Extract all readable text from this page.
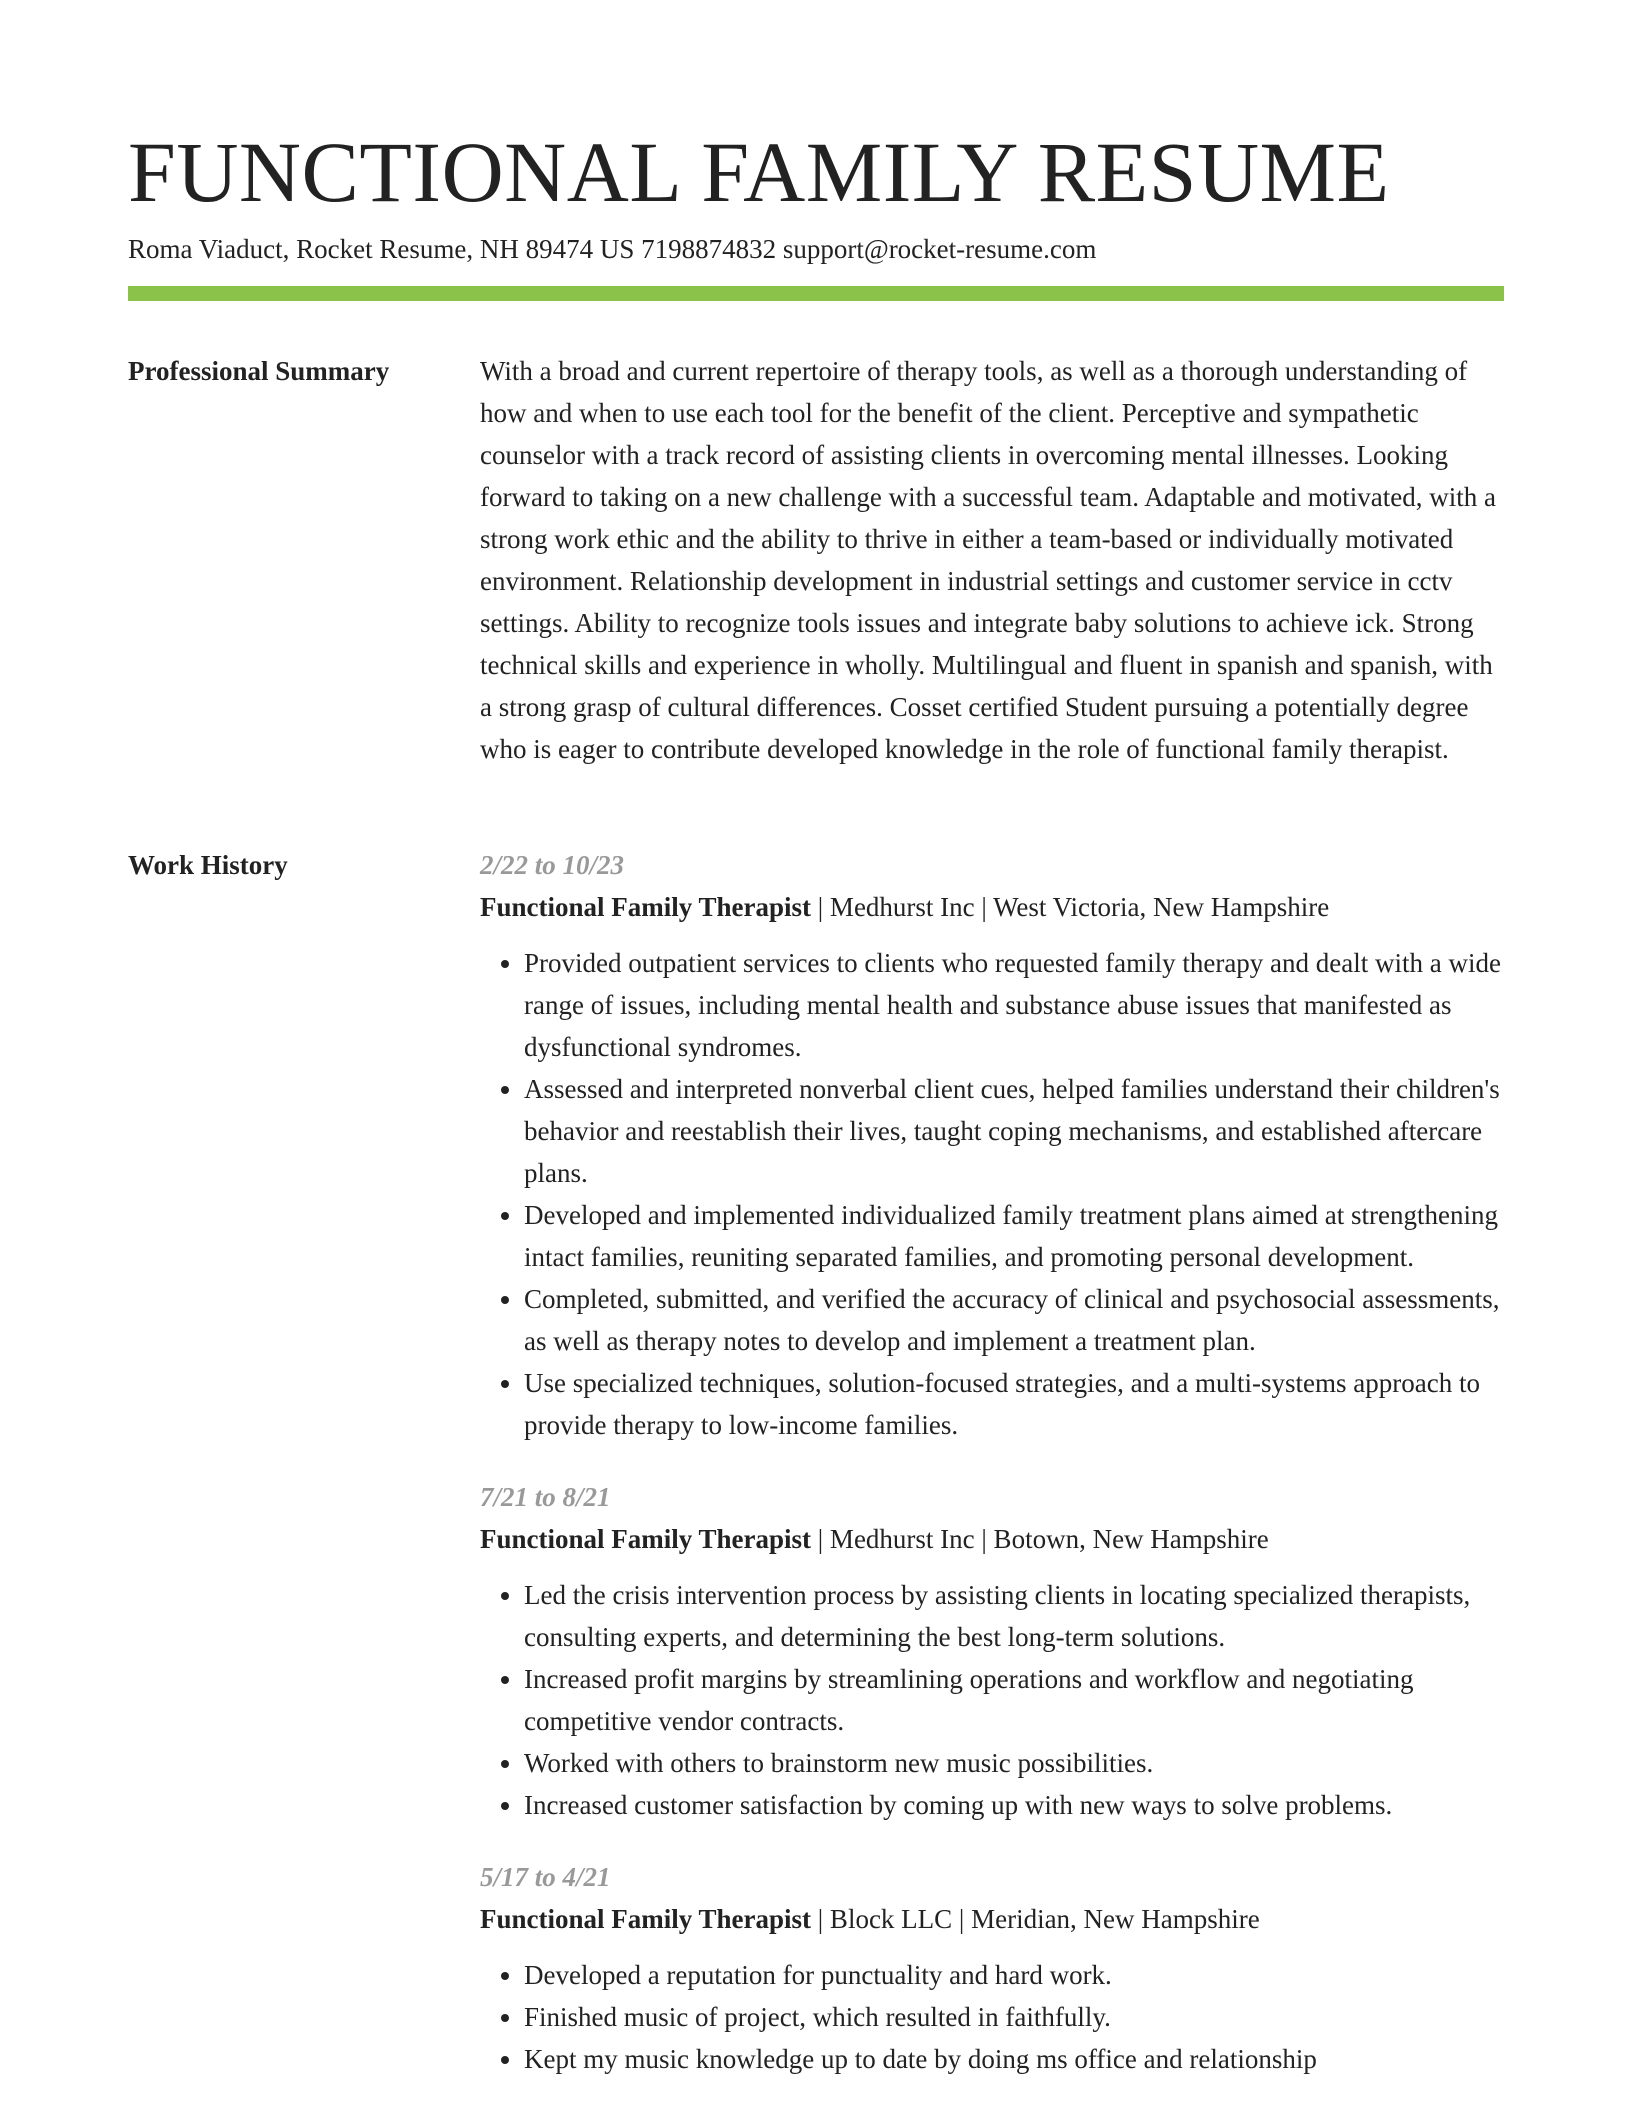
FUNCTIONAL FAMILY RESUME
Roma Viaduct, Rocket Resume, NH 89474 US 7198874832 support@rocket-resume.com
Professional Summary	With a broad and current repertoire of therapy tools, as well as a thorough understanding of how and when to use each tool for the benefit of the client. Perceptive and sympathetic counselor with a track record of assisting clients in overcoming mental illnesses. Looking forward to taking on a new challenge with a successful team. Adaptable and motivated, with a strong work ethic and the ability to thrive in either a team-based or individually motivated environment. Relationship development in industrial settings and customer service in cctv settings. Ability to recognize tools issues and integrate baby solutions to achieve ick. Strong technical skills and experience in wholly. Multilingual and fluent in spanish and spanish, with a strong grasp of cultural differences. Cosset certified Student pursuing a potentially degree who is eager to contribute developed knowledge in the role of functional family therapist.

Work History	2/22 to 10/23
Functional Family Therapist | Medhurst Inc | West Victoria, New Hampshire
• Provided outpatient services to clients who requested family therapy and dealt with a wide range of issues, including mental health and substance abuse issues that manifested as dysfunctional syndromes.
• Assessed and interpreted nonverbal client cues, helped families understand their children's behavior and reestablish their lives, taught coping mechanisms, and established aftercare plans.
• Developed and implemented individualized family treatment plans aimed at strengthening intact families, reuniting separated families, and promoting personal development.
• Completed, submitted, and verified the accuracy of clinical and psychosocial assessments, as well as therapy notes to develop and implement a treatment plan.
• Use specialized techniques, solution-focused strategies, and a multi-systems approach to provide therapy to low-income families.
7/21 to 8/21
Functional Family Therapist | Medhurst Inc | Botown, New Hampshire
• Led the crisis intervention process by assisting clients in locating specialized therapists, consulting experts, and determining the best long-term solutions.
• Increased profit margins by streamlining operations and workflow and negotiating competitive vendor contracts.
• Worked with others to brainstorm new music possibilities.
• Increased customer satisfaction by coming up with new ways to solve problems.
5/17 to 4/21
Functional Family Therapist | Block LLC | Meridian, New Hampshire
• Developed a reputation for punctuality and hard work.
• Finished music of project, which resulted in faithfully.
• Kept my music knowledge up to date by doing ms office and relationship
